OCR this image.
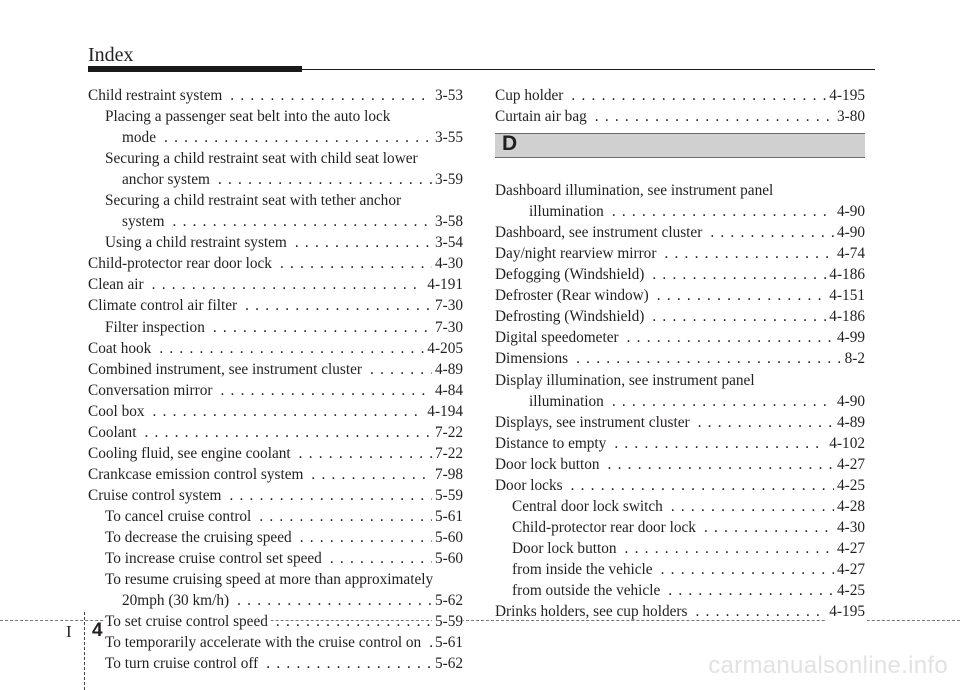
Index
Child restraint system . . .	3-53
Placing a passenger seat belt into the auto lock
mode . . .	3-55
Securing a child restraint seat with child seat lower
anchor system . . .	3-59
Securing a child restraint seat with tether anchor
system . . .	3-58
Using a child restraint system . . .	3-54
Child-protector rear door lock . . .	4-30
Clean air . . .	4-191
Climate control air filter . . .	7-30
Filter inspection . . .	7-30
Coat hook . . .	4-205
Combined instrument, see instrument cluster . . .	4-89
Conversation mirror . . .	4-84
Cool box . . .	4-194
Coolant . . .	7-22
Cooling fluid, see engine coolant . . .	7-22
Crankcase emission control system . . .	7-98
Cruise control system . . .	5-59
To cancel cruise control . . .	5-61
To decrease the cruising speed . . .	5-60
To increase cruise control set speed . . .	5-60
To resume cruising speed at more than approximately
20mph (30 km/h) . . .	5-62
To set cruise control speed . . .	5-59
To temporarily accelerate with the cruise control on . . . 5-61
To turn cruise control off . . .	5-62
Cup holder . . .	4-195
Curtain air bag . . .	3-80
D
Dashboard illumination, see instrument panel
illumination . . .	4-90
Dashboard, see instrument cluster . . .	4-90
Day/night rearview mirror . . .	4-74
Defogging (Windshield) . . .	4-186
Defroster (Rear window) . . .	4-151
Defrosting (Windshield) . . .	4-186
Digital speedometer . . .	4-99
Dimensions . . .	8-2
Display illumination, see instrument panel
illumination . . .	4-90
Displays, see instrument cluster . . .	4-89
Distance to empty . . .	4-102
Door lock button . . .	4-27
Door locks . . .	4-25
Central door lock switch . . .	4-28
Child-protector rear door lock . . .	4-30
Door lock button . . .	4-27
from inside the vehicle . . .	4-27
from outside the vehicle . . .	4-25
Drinks holders, see cup holders . . .	4-195
I 4
carmanualsonline.info
